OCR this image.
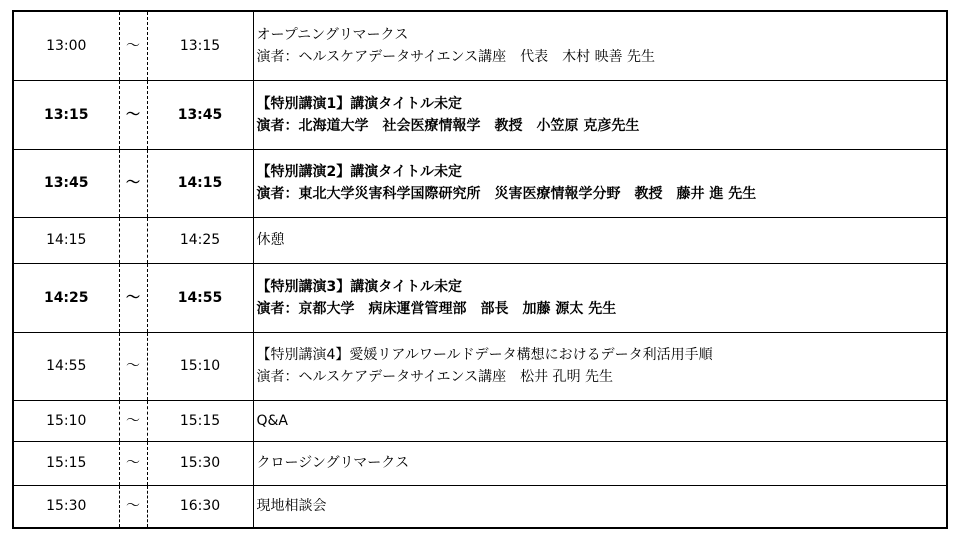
13:00	〜	13:15	オープニングリマークス
演者：ヘルスケアデータサイエンス講座　代表　木村 映善 先生

13:15	〜	13:45	【特別講演1】講演タイトル未定
演者：北海道大学　社会医療情報学　教授　小笠原 克彦先生

13:45	〜	14:15	【特別講演2】講演タイトル未定
演者：東北大学災害科学国際研究所　災害医療情報学分野　教授　藤井 進 先生

14:15		14:25	休憩

14:25	〜	14:55	【特別講演3】講演タイトル未定
演者：京都大学　病床運営管理部　部長　加藤 源太 先生

14:55	〜	15:10	【特別講演4】愛媛リアルワールドデータ構想におけるデータ利活用手順
演者：ヘルスケアデータサイエンス講座　松井 孔明 先生

15:10	〜	15:15	Q&A

15:15	〜	15:30	クロージングリマークス

15:30	〜	16:30	現地相談会
